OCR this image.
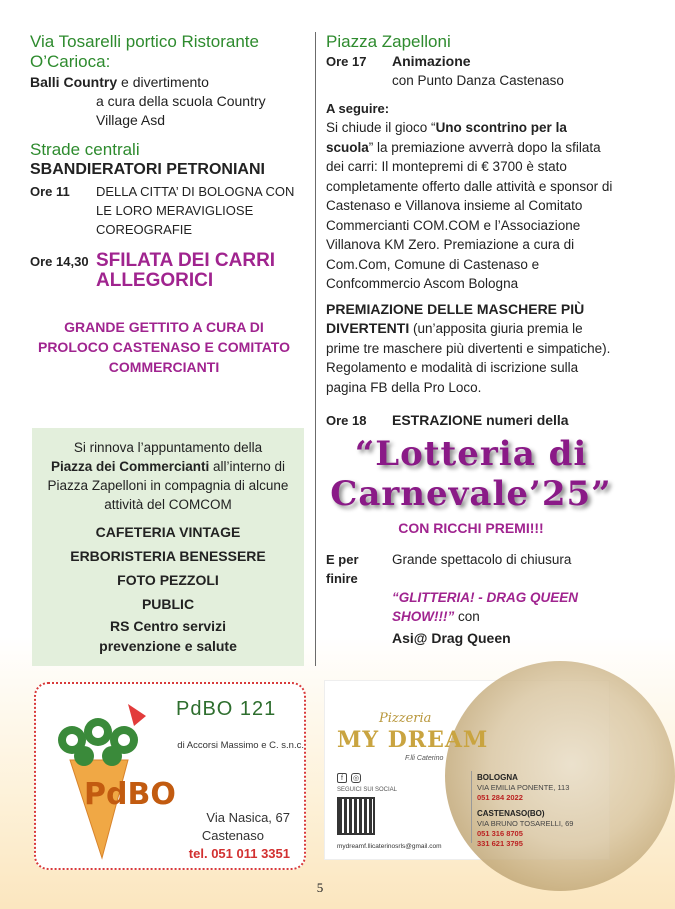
Via Tosarelli portico Ristorante O’Carioca:
Balli Country e divertimento
a cura della scuola Country
Village Asd
Strade centrali
SBANDIERATORI PETRONIANI
Ore 11	DELLA CITTA’ DI BOLOGNA CON LE LORO MERAVIGLIOSE COREOGRAFIE
Ore 14,30 SFILATA DEI CARRI ALLEGORICI
GRANDE GETTITO A CURA DI PROLOCO CASTENASO E COMITATO COMMERCIANTI
Si rinnova l’appuntamento della
Piazza dei Commercianti all’interno di Piazza Zapelloni in compagnia di alcune attività del COMCOM
CAFETERIA VINTAGE
ERBORISTERIA BENESSERE
FOTO PEZZOLI
PUBLIC
RS Centro servizi
prevenzione e salute
Piazza Zapelloni
Ore 17	Animazione
con Punto Danza Castenaso
A seguire:
Si chiude il gioco “Uno scontrino per la scuola” la premiazione avverrà dopo la sfilata dei carri: Il montepremi di € 3700 è stato completamente offerto dalle attività e sponsor di Castenaso e Villanova insieme al Comitato Commercianti COM.COM e l’Associazione Villanova KM Zero. Premiazione a cura di Com.Com, Comune di Castenaso e Confcommercio Ascom Bologna
PREMIAZIONE DELLE MASCHERE PIÙ DIVERTENTI (un’apposita giuria premia le prime tre maschere più divertenti e simpatiche). Regolamento e modalità di iscrizione sulla pagina FB della Pro Loco.
Ore 18	ESTRAZIONE numeri della
“Lotteria di
Carnevale’25”
CON RICCHI PREMI!!!
E per finire
Grande spettacolo di chiusura
“GLITTERIA! - DRAG QUEEN SHOW!!!” con
Asi@ Drag Queen
PdBO
PdBO 121
di Accorsi Massimo e C. s.n.c.
Via Nasica, 67
Castenaso
tel. 051 011 3351
Pizzeria
MY DREAM
F.lli Caterino
f	◎
SEGUICI SUI SOCIAL
mydreamf.llicaterinosrls@gmail.com
BOLOGNA
VIA EMILIA PONENTE, 113
051 284 2022
CASTENASO(BO)
VIA BRUNO TOSARELLI, 69
051 316 8705
331 621 3795
5
